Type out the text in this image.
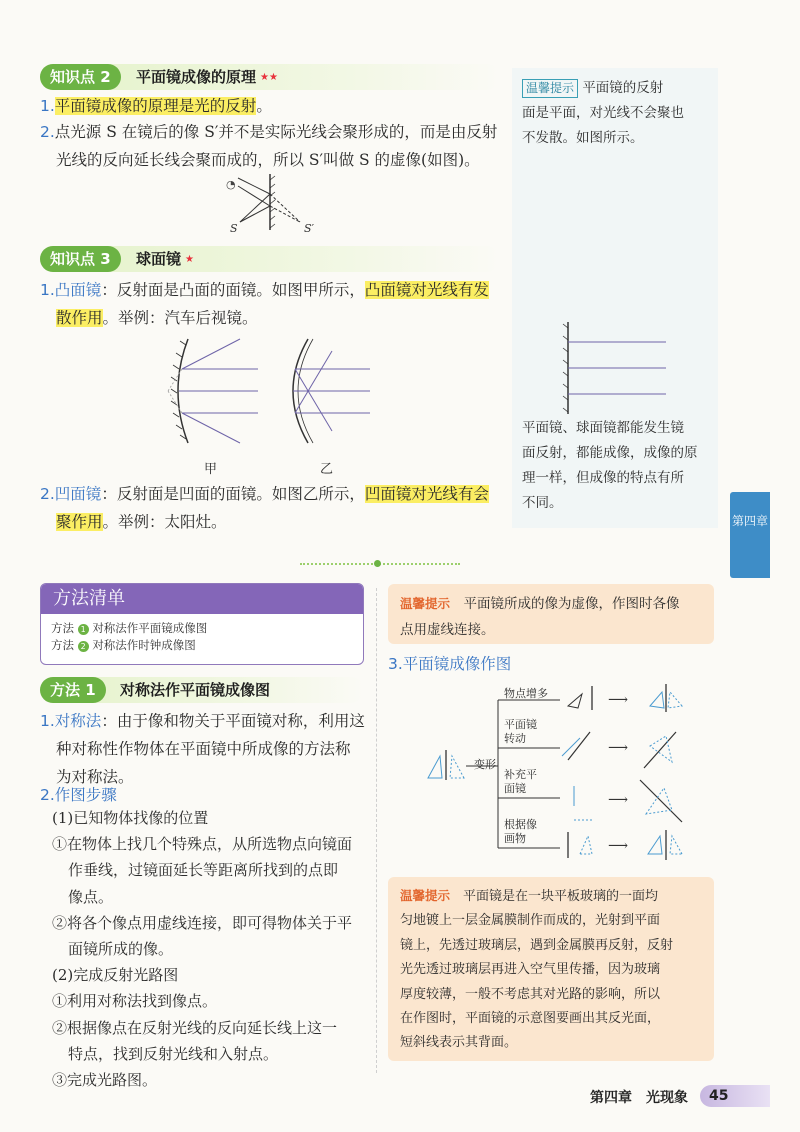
知识点 2	平面镜成像的原理 ★★
1.平面镜成像的原理是光的反射。
2.点光源 S 在镜后的像 S′并不是实际光线会聚形成的，而是由反射
光线的反向延长线会聚而成的，所以 S′叫做 S 的虚像(如图)。
◔
S	S′
知识点 3	球面镜 ★
1.凸面镜：反射面是凸面的面镜。如图甲所示，凸面镜对光线有发
散作用。举例：汽车后视镜。
甲	乙
2.凹面镜：反射面是凹面的面镜。如图乙所示，凹面镜对光线有会
聚作用。举例：太阳灶。
温馨提示 平面镜的反射
面是平面，对光线不会聚也
不发散。如图所示。
平面镜、球面镜都能发生镜
面反射，都能成像，成像的原
理一样，但成像的特点有所
不同。
第四章
方法清单
方法 1 对称法作平面镜成像图
方法 2 对称法作时钟成像图
方法 1	对称法作平面镜成像图
1.对称法：由于像和物关于平面镜对称，利用这
种对称性作物体在平面镜中所成像的方法称
为对称法。
2.作图步骤
(1)已知物体找像的位置
①在物体上找几个特殊点，从所选物点向镜面
作垂线，过镜面延长等距离所找到的点即
像点。
②将各个像点用虚线连接，即可得物体关于平
面镜所成的像。
(2)完成反射光路图
①利用对称法找到像点。
②根据像点在反射光线的反向延长线上这一
特点，找到反射光线和入射点。
③完成光路图。
温馨提示　 平面镜所成的像为虚像，作图时各像
点用虚线连接。
3.平面镜成像作图
⟶
⟶
⟶
⟶
变形
物点增多
平面镜
转动
补充平
面镜
根据像
画物
温馨提示　 平面镜是在一块平板玻璃的一面均
匀地镀上一层金属膜制作而成的，光射到平面
镜上，先透过玻璃层，遇到金属膜再反射，反射
光先透过玻璃层再进入空气里传播，因为玻璃
厚度较薄，一般不考虑其对光路的影响，所以
在作图时，平面镜的示意图要画出其反光面，
短斜线表示其背面。
第四章　光现象	45
